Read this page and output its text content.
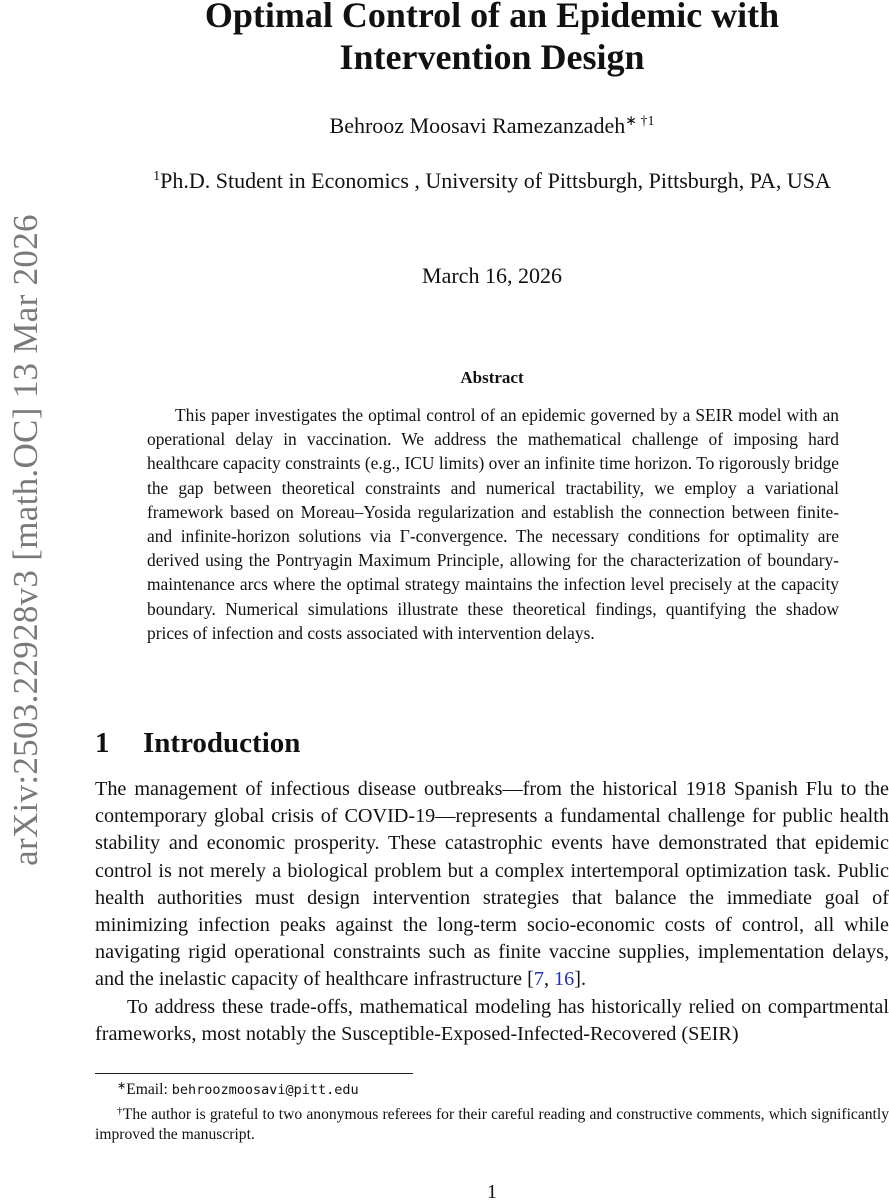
arXiv:2503.22928v3 [math.OC] 13 Mar 2026
Optimal Control of an Epidemic with
Intervention Design
Behrooz Moosavi Ramezanzadeh$^{∗ \dagger 1}$
$^1$Ph.D. Student in Economics , University of Pittsburgh, Pittsburgh, PA, USA
March 16, 2026
Abstract
This paper investigates the optimal control of an epidemic governed by a SEIR model with an operational delay in vaccination. We address the mathematical challenge of imposing hard healthcare capacity constraints (e.g., ICU limits) over an infinite time horizon. To rigorously bridge the gap between theoretical constraints and numerical tractability, we employ a variational framework based on Moreau–Yosida regularization and establish the connection between finite- and infinite-horizon solutions via Γ-convergence. The necessary conditions for optimality are derived using the Pontryagin Maximum Principle, allowing for the characterization of boundary-maintenance arcs where the optimal strategy maintains the infection level precisely at the capacity boundary. Numerical simulations illustrate these theoretical findings, quantifying the shadow prices of infection and costs associated with intervention delays.
1 Introduction

The management of infectious disease outbreaks—from the historical 1918 Spanish Flu to the contemporary global crisis of COVID-19—represents a fundamental challenge for public health stability and economic prosperity. These catastrophic events have demonstrated that epidemic control is not merely a biological problem but a complex intertemporal optimization task. Public health authorities must design intervention strategies that balance the immediate goal of minimizing infection peaks against the long-term socio-economic costs of control, all while navigating rigid operational constraints such as finite vaccine supplies, implementation delays, and the inelastic capacity of healthcare infrastructure [7, 16].

To address these trade-offs, mathematical modeling has historically relied on compartmental frameworks, most notably the Susceptible-Exposed-Infected-Recovered (SEIR)

∗Email: behroozmoosavi@pitt.edu

†The author is grateful to two anonymous referees for their careful reading and constructive comments, which significantly improved the manuscript.

1
